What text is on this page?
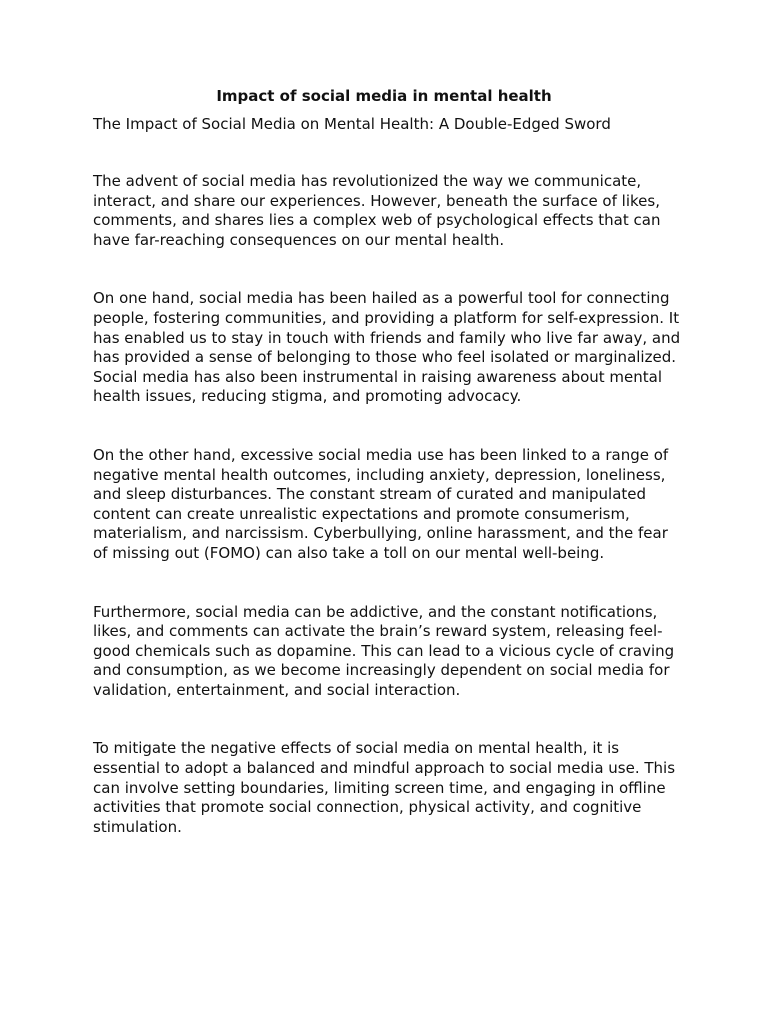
Impact of social media in mental health

The Impact of Social Media on Mental Health: A Double-Edged Sword

The advent of social media has revolutionized the way we communicate, interact, and share our experiences. However, beneath the surface of likes, comments, and shares lies a complex web of psychological effects that can have far-reaching consequences on our mental health.

On one hand, social media has been hailed as a powerful tool for connecting people, fostering communities, and providing a platform for self-expression. It has enabled us to stay in touch with friends and family who live far away, and has provided a sense of belonging to those who feel isolated or marginalized. Social media has also been instrumental in raising awareness about mental health issues, reducing stigma, and promoting advocacy.

On the other hand, excessive social media use has been linked to a range of negative mental health outcomes, including anxiety, depression, loneliness, and sleep disturbances. The constant stream of curated and manipulated content can create unrealistic expectations and promote consumerism, materialism, and narcissism. Cyberbullying, online harassment, and the fear of missing out (FOMO) can also take a toll on our mental well-being.

Furthermore, social media can be addictive, and the constant notifications, likes, and comments can activate the brain’s reward system, releasing feel-good chemicals such as dopamine. This can lead to a vicious cycle of craving and consumption, as we become increasingly dependent on social media for validation, entertainment, and social interaction.

To mitigate the negative effects of social media on mental health, it is essential to adopt a balanced and mindful approach to social media use. This can involve setting boundaries, limiting screen time, and engaging in offline activities that promote social connection, physical activity, and cognitive stimulation.
